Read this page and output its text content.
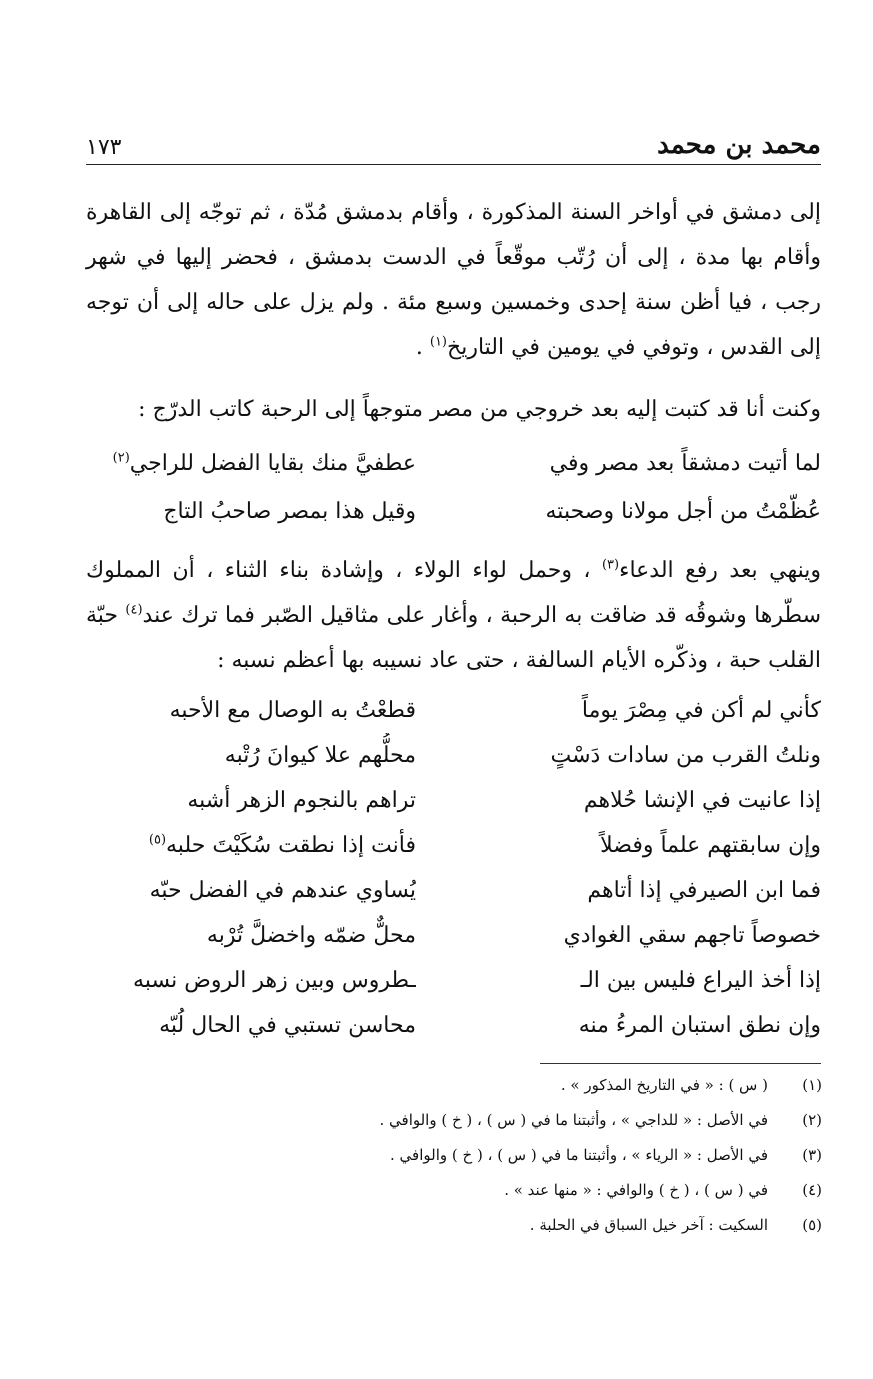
١٧٣	محمد بن محمد

إلى دمشق في أواخر السنة المذكورة ، وأقام بدمشق مُدّة ، ثم توجّه إلى القاهرة وأقام بها مدة ، إلى أن رُتّب موقّعاً في الدست بدمشق ، فحضر إليها في شهر رجب ، فيا أظن سنة إحدى وخمسين وسبع مئة . ولم يزل على حاله إلى أن توجه إلى القدس ، وتوفي في يومين في التاريخ$^{(١)}$ .

وكنت أنا قد كتبت إليه بعد خروجي من مصر متوجهاً إلى الرحبة كاتب الدرّج :

لما أتيت دمشقاً بعد مصر وفي
عطفيَّ منك بقايا الفضل للراجي$^{(٢)}$
عُظّمْتُ من أجل مولانا وصحبته
وقيل هذا بمصر صاحبُ التاج

وينهي بعد رفع الدعاء$^{(٣)}$ ، وحمل لواء الولاء ، وإشادة بناء الثناء ، أن المملوك سطّرها وشوقُه قد ضاقت به الرحبة ، وأغار على مثاقيل الصّبر فما ترك عند$^{(٤)}$ حبّة القلب حبة ، وذكّره الأيام السالفة ، حتى عاد نسيبه بها أعظم نسبه :

كأني لم أكن في مِصْرَ يوماً
قطعْتُ به الوصال مع الأحبه
ونلتُ القرب من سادات دَسْتٍ
محلُّهم علا كيوانَ رُتْبه
إذا عانيت في الإنشا حُلاهم
تراهم بالنجوم الزهر أشبه
وإن سابقتهم علماً وفضلاً
فأنت إذا نطقت سُكَيْتَ حلبه$^{(٥)}$
فما ابن الصيرفي إذا أتاهم
يُساوي عندهم في الفضل حبّه
خصوصاً تاجهم سقي الغوادي
محلٌّ ضمّه واخضلَّ تُرْبه
إذا أخذ اليراع فليس بين الـ
ـطروس وبين زهر الروض نسبه
وإن نطق استبان المرءُ منه
محاسن تستبي في الحال لُبّه
(١)
( س ) : « في التاريخ المذكور » .
(٢)
في الأصل : « للداجي » ، وأثبتنا ما في ( س ) ، ( خ ) والوافي .
(٣)
في الأصل : « الرياء » ، وأثبتنا ما في ( س ) ، ( خ ) والوافي .
(٤)
في ( س ) ، ( خ ) والوافي : « منها عند » .
(٥)
السكيت : آخر خيل السباق في الحلبة .
